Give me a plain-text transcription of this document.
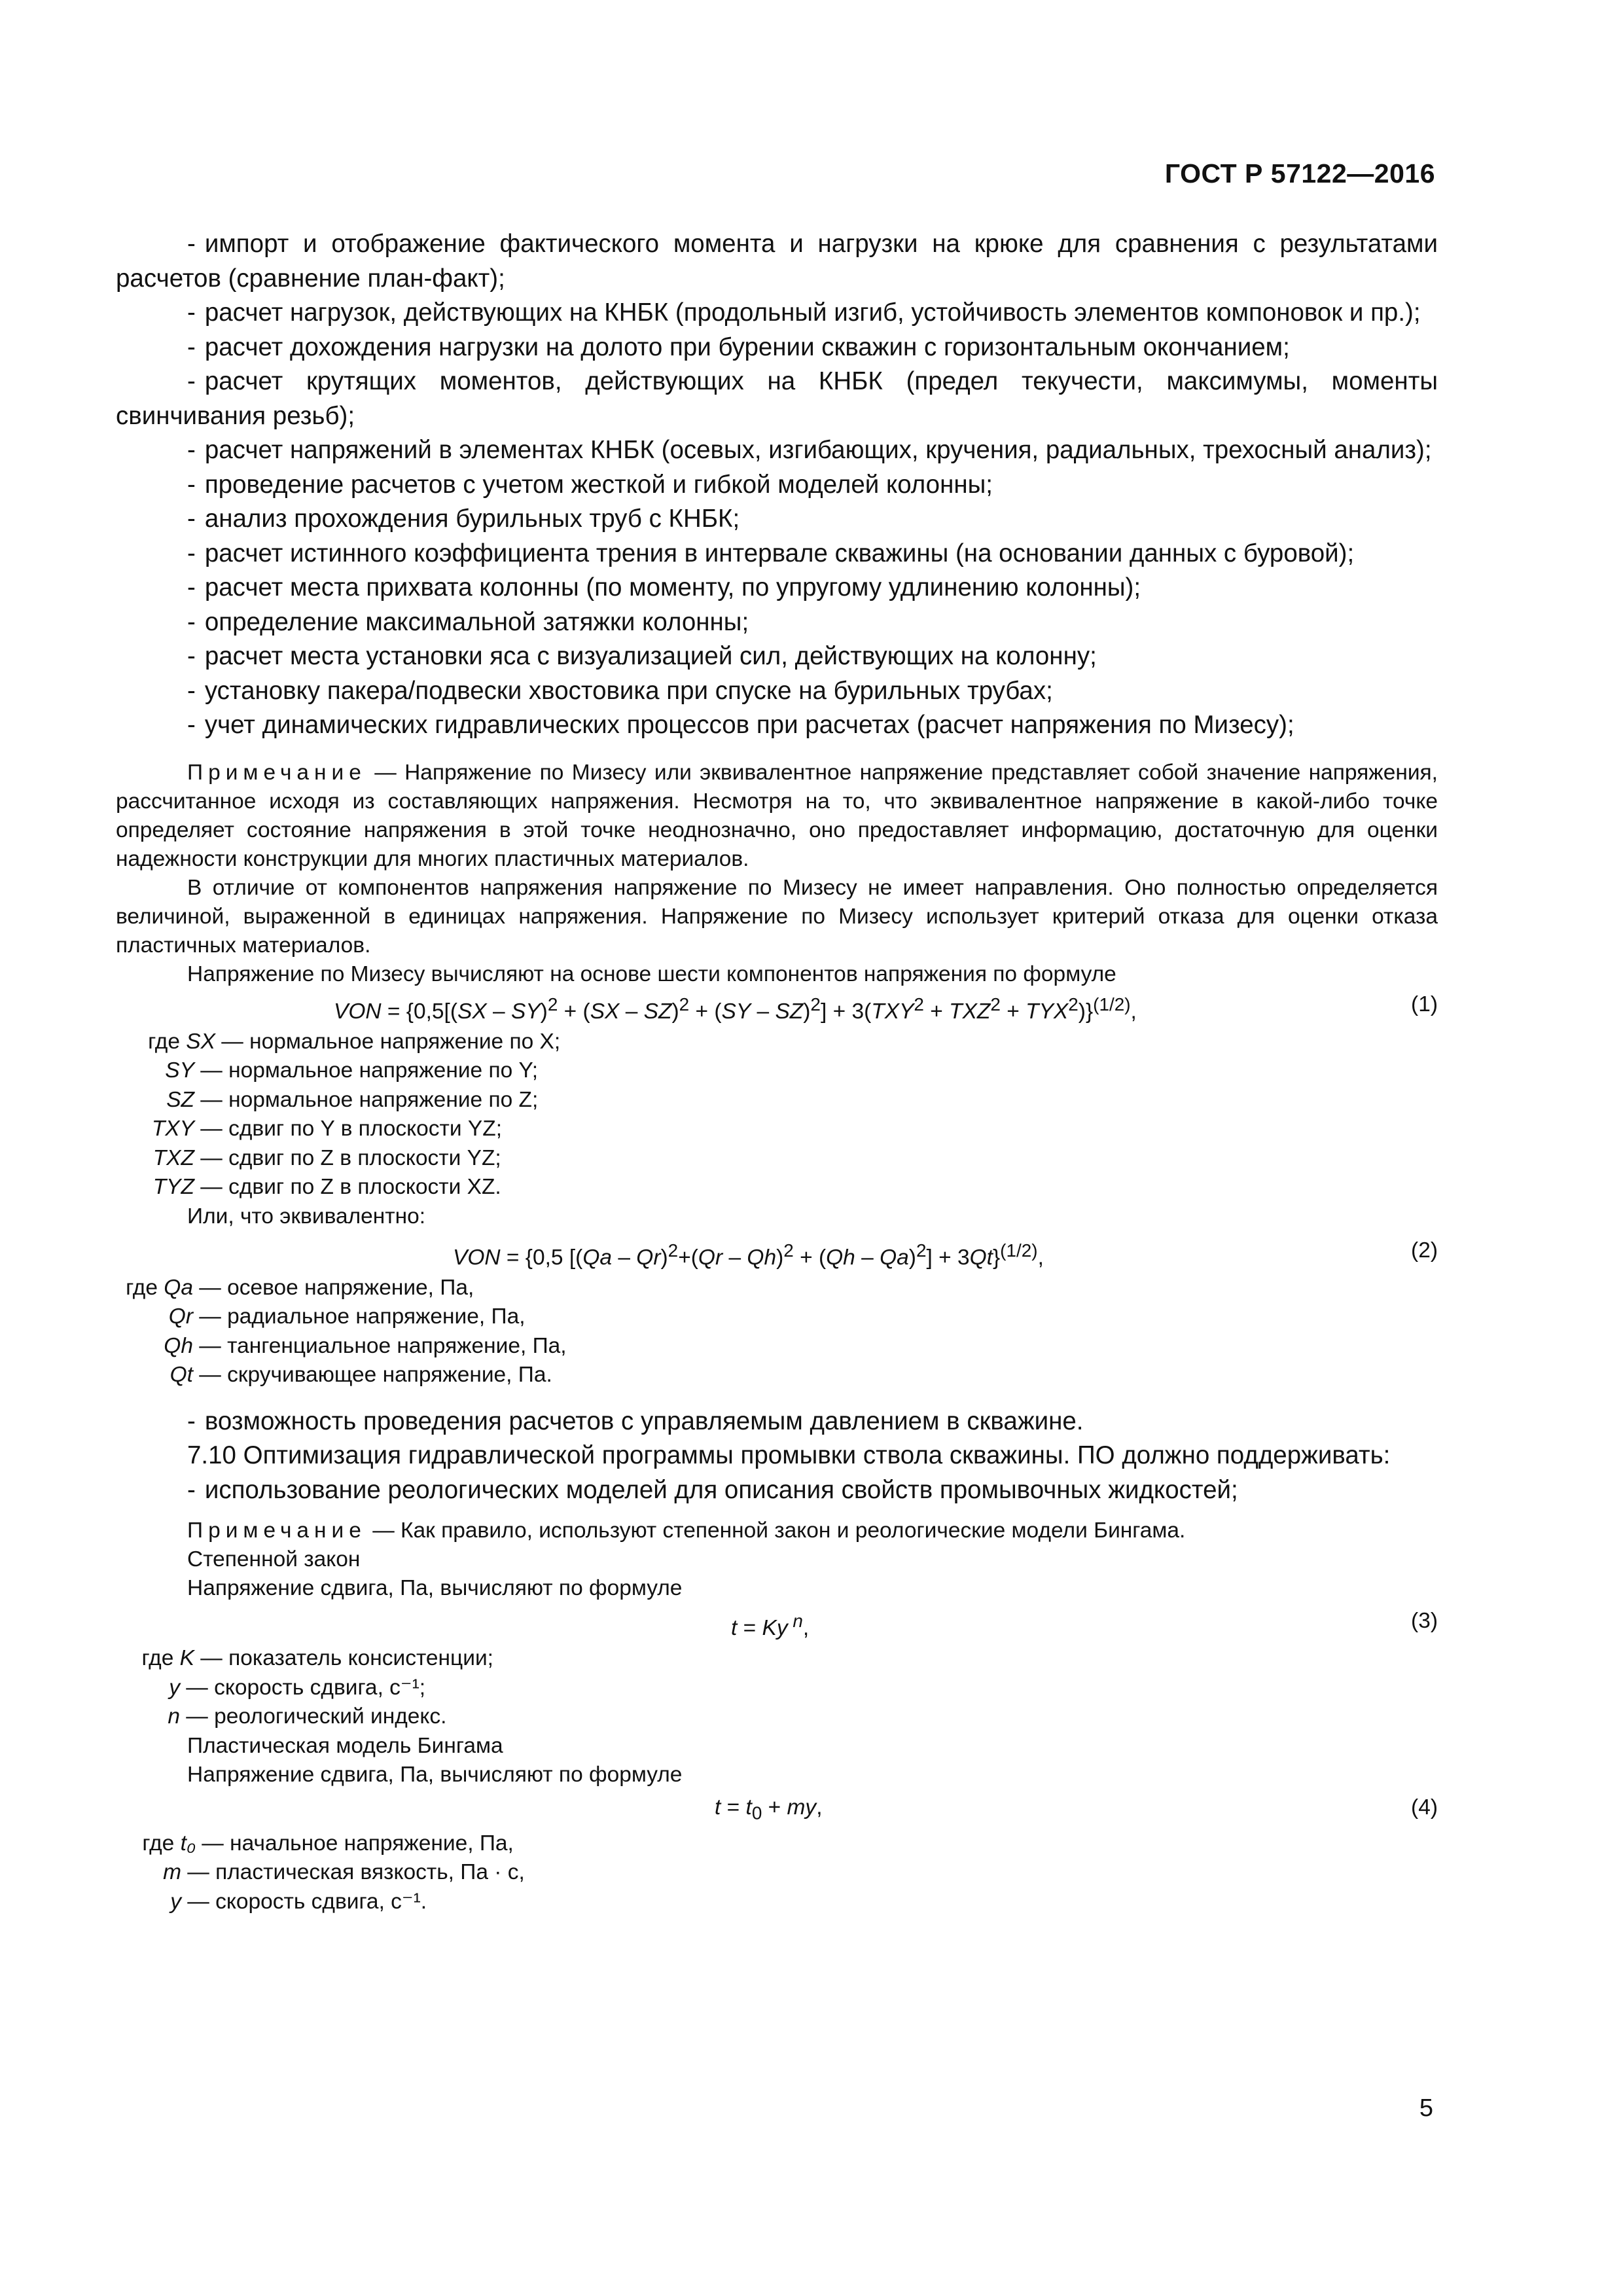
ГОСТ Р 57122—2016

- импорт и отображение фактического момента и нагрузки на крюке для сравнения с результатами расчетов (сравнение план-факт);

- расчет нагрузок, действующих на КНБК (продольный изгиб, устойчивость элементов компоновок и пр.);

- расчет дохождения нагрузки на долото при бурении скважин с горизонтальным окончанием;

- расчет крутящих моментов, действующих на КНБК (предел текучести, максимумы, моменты свинчивания резьб);

- расчет напряжений в элементах КНБК (осевых, изгибающих, кручения, радиальных, трехосный анализ);

- проведение расчетов с учетом жесткой и гибкой моделей колонны;

- анализ прохождения бурильных труб с КНБК;

- расчет истинного коэффициента трения в интервале скважины (на основании данных с буровой);

- расчет места прихвата колонны (по моменту, по упругому удлинению колонны);

- определение максимальной затяжки колонны;

- расчет места установки яса с визуализацией сил, действующих на колонну;

- установку пакера/подвески хвостовика при спуске на бурильных трубах;

- учет динамических гидравлических процессов при расчетах (расчет напряжения по Мизесу);

Примечание — Напряжение по Мизесу или эквивалентное напряжение представляет собой значение напряжения, рассчитанное исходя из составляющих напряжения. Несмотря на то, что эквивалентное напряжение в какой-либо точке определяет состояние напряжения в этой точке неоднозначно, оно предоставляет информацию, достаточную для оценки надежности конструкции для многих пластичных материалов.

В отличие от компонентов напряжения напряжение по Мизесу не имеет направления. Оно полностью определяется величиной, выраженной в единицах напряжения. Напряжение по Мизесу использует критерий отказа для оценки отказа пластичных материалов.

Напряжение по Мизесу вычисляют на основе шести компонентов напряжения по формуле

VON = $\{0,5[(SX - SY)^2 + (SX - SZ)^2 + (SY - SZ)^2] + 3(TXY^2 + TXZ^2 + TYX^2)\}^{(1/2)}$,	(1)

где SX — нормальное напряжение по X;

SY — нормальное напряжение по Y;

SZ — нормальное напряжение по Z;

TXY — сдвиг по Y в плоскости YZ;

TXZ — сдвиг по Z в плоскости YZ;

TYZ — сдвиг по Z в плоскости XZ.

Или, что эквивалентно:

VON = {0,5 [(Qa – Qr)$^2$+(Qr – Qh)$^2$ + (Qh – Qa)$^2$] + 3Qt}$^{(1/2)}$,	(2)

где Qa — осевое напряжение, Па,

Qr — радиальное напряжение, Па,

Qh — тангенциальное напряжение, Па,

Qt — скручивающее напряжение, Па.

- возможность проведения расчетов с управляемым давлением в скважине.

7.10 Оптимизация гидравлической программы промывки ствола скважины. ПО должно поддерживать:

- использование реологических моделей для описания свойств промывочных жидкостей;

Примечание — Как правило, используют степенной закон и реологические модели Бингама.

Степенной закон

Напряжение сдвига, Па, вычисляют по формуле

t = Ky $^n$,	(3)

где K — показатель консистенции;

y — скорость сдвига, с⁻¹;

n — реологический индекс.

Пластическая модель Бингама

Напряжение сдвига, Па, вычисляют по формуле

$t = t_0$ + my,	(4)

где t₀ — начальное напряжение, Па,

m — пластическая вязкость, Па · с,

y — скорость сдвига, с⁻¹.

5
